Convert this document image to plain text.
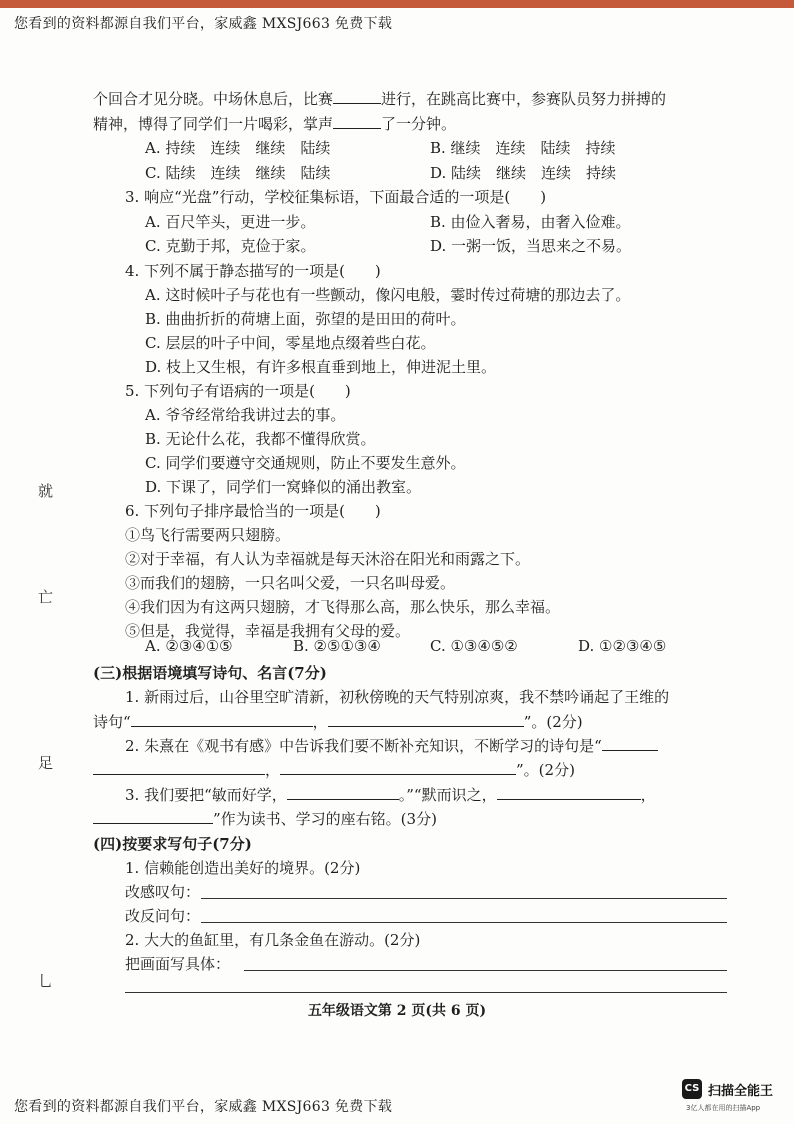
您看到的资料都源自我们平台，家威鑫 MXSJ663 免费下载
就
亡
足
乚
个回合才见分晓。中场休息后，比赛	进行，在跳高比赛中，参赛队员努力拼搏的
精神，博得了同学们一片喝彩，掌声	了一分钟。
A. 持续　连续　继续　陆续	B. 继续　连续　陆续　持续
C. 陆续　连续　继续　陆续	D. 陆续　继续　连续　持续
3. 响应“光盘”行动，学校征集标语，下面最合适的一项是(　　)
A. 百尺竿头，更进一步。	B. 由俭入奢易，由奢入俭难。
C. 克勤于邦，克俭于家。	D. 一粥一饭，当思来之不易。
4. 下列不属于静态描写的一项是(　　)
A. 这时候叶子与花也有一些颤动，像闪电般，霎时传过荷塘的那边去了。
B. 曲曲折折的荷塘上面，弥望的是田田的荷叶。
C. 层层的叶子中间，零星地点缀着些白花。
D. 枝上又生根，有许多根直垂到地上，伸进泥土里。
5. 下列句子有语病的一项是(　　)
A. 爷爷经常给我讲过去的事。
B. 无论什么花，我都不懂得欣赏。
C. 同学们要遵守交通规则，防止不要发生意外。
D. 下课了，同学们一窝蜂似的涌出教室。
6. 下列句子排序最恰当的一项是(　　)
①鸟飞行需要两只翅膀。
②对于幸福，有人认为幸福就是每天沐浴在阳光和雨露之下。
③而我们的翅膀，一只名叫父爱，一只名叫母爱。
④我们因为有这两只翅膀，才飞得那么高，那么快乐，那么幸福。
⑤但是，我觉得，幸福是我拥有父母的爱。
A. ②③④①⑤	B. ②⑤①③④	C. ①③④⑤②	D. ①②③④⑤
(三)根据语境填写诗句、名言(7分)
1. 新雨过后，山谷里空旷清新，初秋傍晚的天气特别凉爽，我不禁吟诵起了王维的
诗句“	，	”。(2分)
2. 朱熹在《观书有感》中告诉我们要不断补充知识，不断学习的诗句是“
，	”。(2分)
3. 我们要把“敏而好学，	。”“默而识之，	，
”作为读书、学习的座右铭。(3分)
(四)按要求写句子(7分)
1. 信赖能创造出美好的境界。(2分)
改感叹句：
改反问句：
2. 大大的鱼缸里，有几条金鱼在游动。(2分)
把画面写具体：
五年级语文第 2 页(共 6 页)
您看到的资料都源自我们平台，家威鑫 MXSJ663 免费下载
CS 扫描全能王
3亿人都在用的扫描App
